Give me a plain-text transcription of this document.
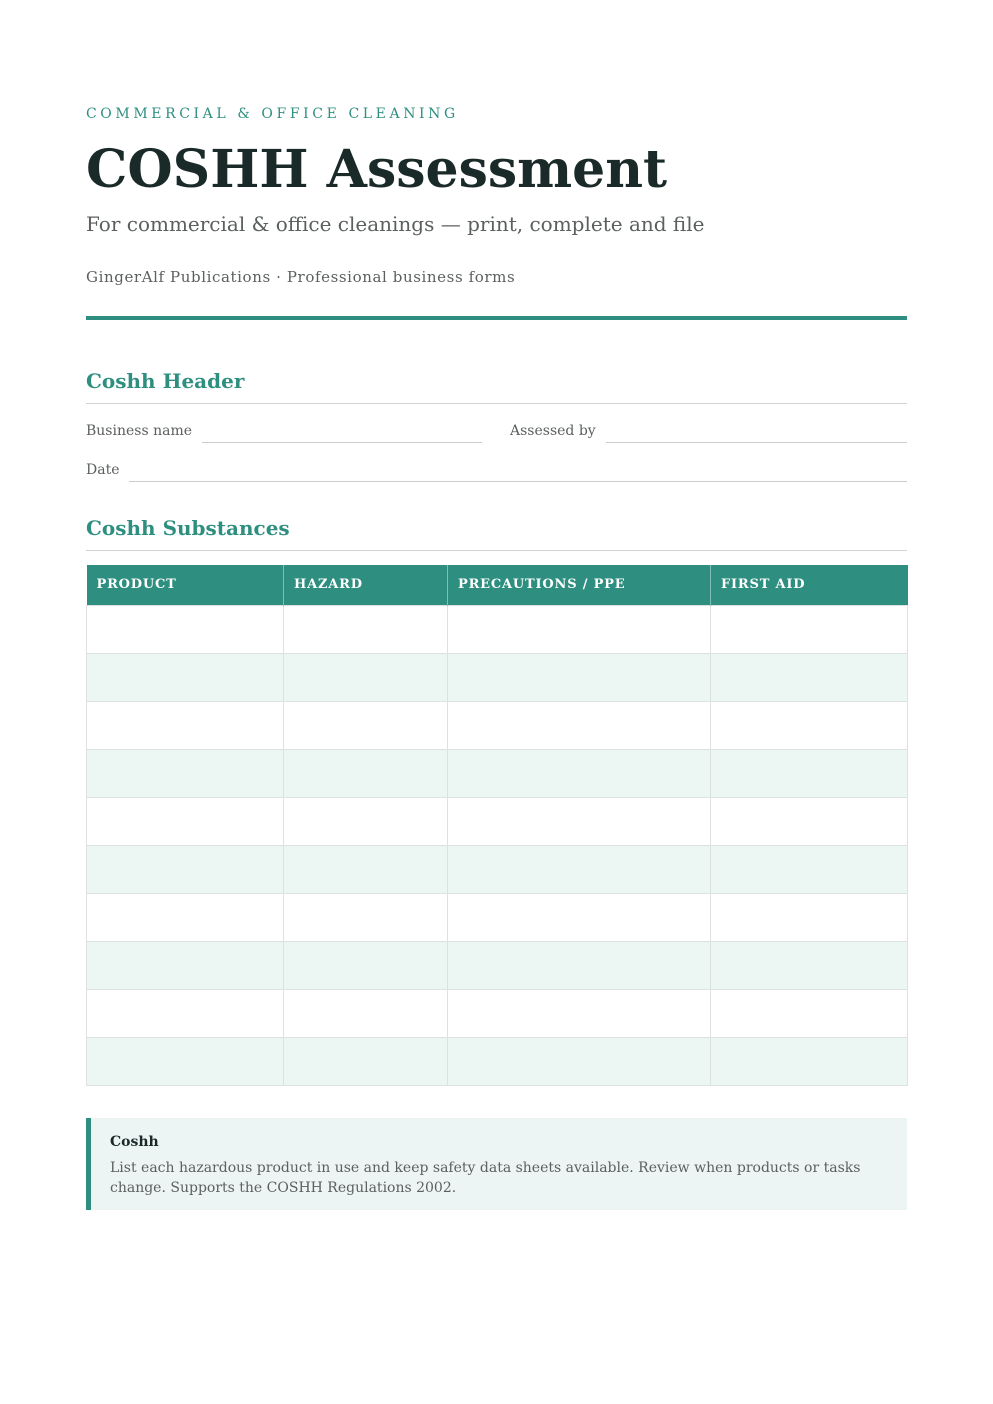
COMMERCIAL & OFFICE CLEANING
COSHH Assessment
For commercial & office cleanings — print, complete and file
GingerAlf Publications · Professional business forms
Coshh Header
Business name	Assessed by
Date
Coshh Substances
PRODUCT	HAZARD	PRECAUTIONS / PPE	FIRST AID

Coshh
List each hazardous product in use and keep safety data sheets available. Review when products or tasks change. Supports the COSHH Regulations 2002.
